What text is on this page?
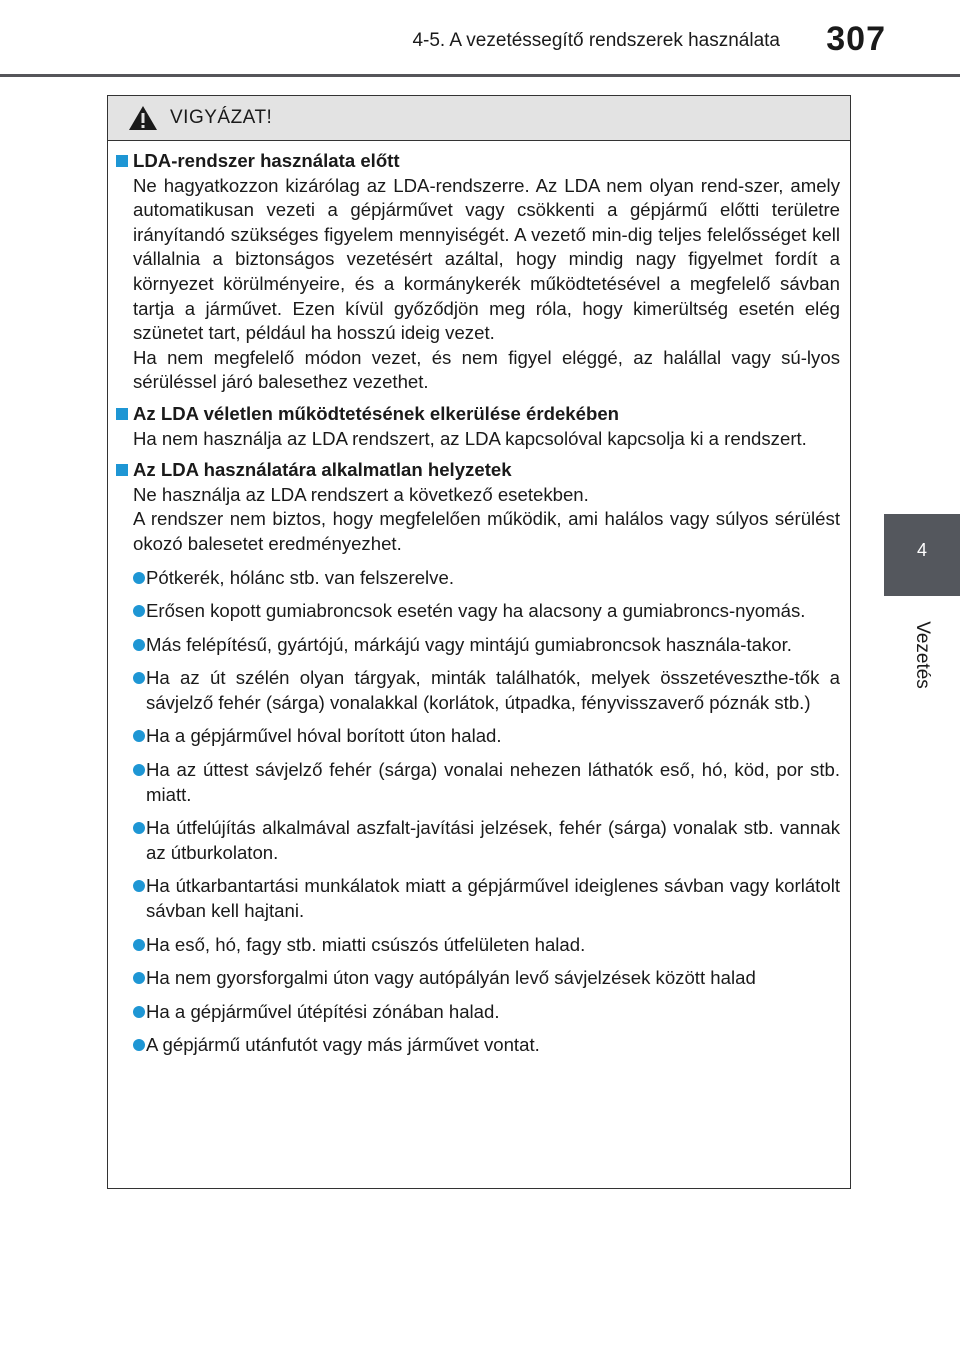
4-5. A vezetéssegítő rendszerek használata 307
4
Vezetés
VIGYÁZAT!
LDA-rendszer használata előtt

Ne hagyatkozzon kizárólag az LDA-rendszerre. Az LDA nem olyan rend-szer, amely automatikusan vezeti a gépjárművet vagy csökkenti a gépjármű előtti területre irányítandó szükséges figyelem mennyiségét. A vezető min-dig teljes felelősséget kell vállalnia a biztonságos vezetésért azáltal, hogy mindig nagy figyelmet fordít a környezet körülményeire, és a kormánykerék működtetésével a megfelelő sávban tartja a járművet. Ezen kívül győződjön meg róla, hogy kimerültség esetén elég szünetet tart, például ha hosszú ideig vezet.

Ha nem megfelelő módon vezet, és nem figyel eléggé, az halállal vagy sú-lyos sérüléssel járó balesethez vezethet.

Az LDA véletlen működtetésének elkerülése érdekében

Ha nem használja az LDA rendszert, az LDA kapcsolóval kapcsolja ki a rendszert.

Az LDA használatára alkalmatlan helyzetek

Ne használja az LDA rendszert a következő esetekben.

A rendszer nem biztos, hogy megfelelően működik, ami halálos vagy súlyos sérülést okozó balesetet eredményezhet.

Pótkerék, hólánc stb. van felszerelve.
Erősen kopott gumiabroncsok esetén vagy ha alacsony a gumiabroncs-nyomás.
Más felépítésű, gyártójú, márkájú vagy mintájú gumiabroncsok használa-takor.
Ha az út szélén olyan tárgyak, minták találhatók, melyek összetéveszthe-tők a sávjelző fehér (sárga) vonalakkal (korlátok, útpadka, fényvisszaverő póznák stb.)
Ha a gépjárművel hóval borított úton halad.
Ha az úttest sávjelző fehér (sárga) vonalai nehezen láthatók eső, hó, köd, por stb. miatt.
Ha útfelújítás alkalmával aszfalt-javítási jelzések, fehér (sárga) vonalak stb. vannak az útburkolaton.
Ha útkarbantartási munkálatok miatt a gépjárművel ideiglenes sávban vagy korlátolt sávban kell hajtani.
Ha eső, hó, fagy stb. miatti csúszós útfelületen halad.
Ha nem gyorsforgalmi úton vagy autópályán levő sávjelzések között halad
Ha a gépjárművel útépítési zónában halad.
A gépjármű utánfutót vagy más járművet vontat.
